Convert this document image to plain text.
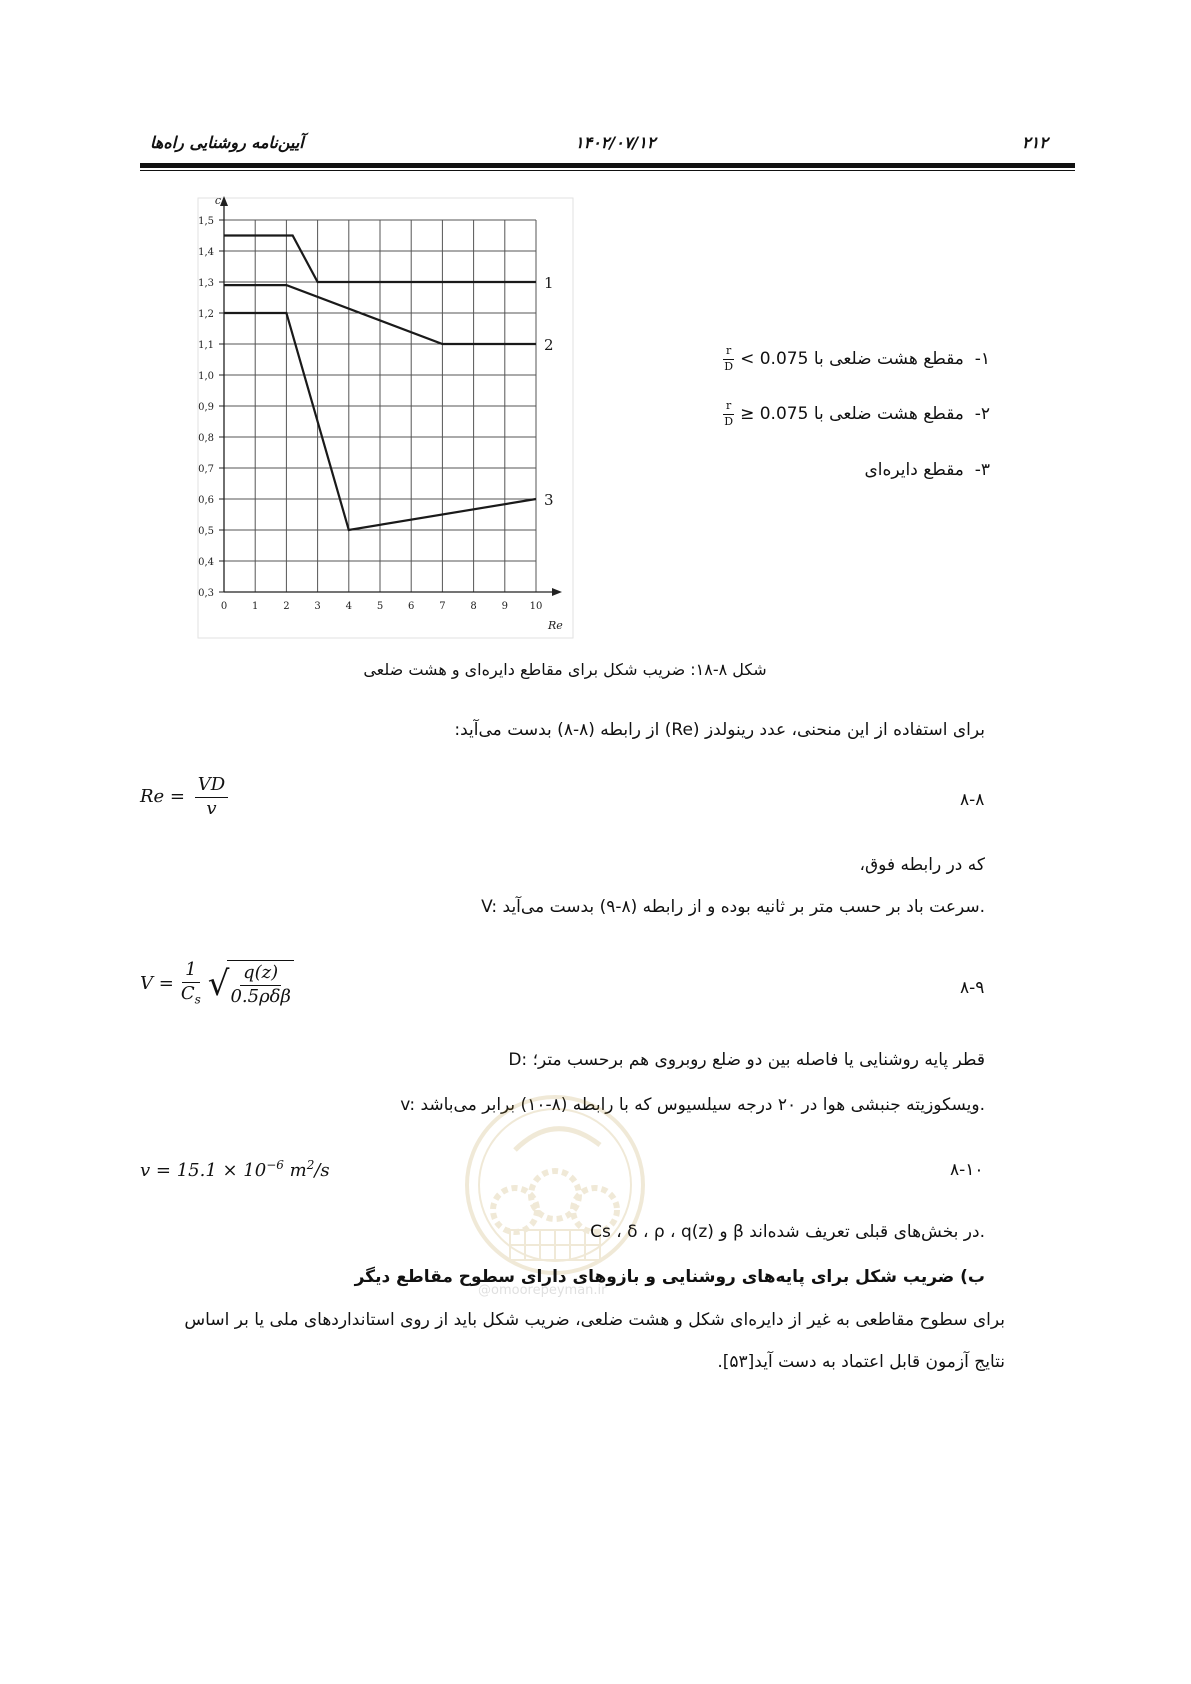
آیین‌نامه روشنایی راه‌ها	۱۴۰۲/۰۷/۱۲	۲۱۲
0 1 2 3 4 5 6 7 8 9 10
0,3
0,4
0,5
0,6
0,7
0,8
0,9
1,0
1,1
1,2
1,3
1,4
1,5
c
Re
1
2
3
۱-  مقطع هشت ضلعی با
$\frac{r}{D} < 0.075$
۲-  مقطع هشت ضلعی با
$\frac{r}{D} \ge 0.075$
۳-  مقطع دایره‌ای
شکل ۸-۱۸: ضریب شکل برای مقاطع دایره‌ای و هشت ضلعی
برای استفاده از این منحنی، عدد رینولدز (Re) از رابطه (۸-۸) بدست می‌آید:
$Re = \frac{VD}{v}$	۸-۸
که در رابطه فوق،
V: سرعت باد بر حسب متر بر ثانیه بوده و از رابطه (۸-۹) بدست می‌آید.
$V = \frac{1}{C_s}$ √
$\frac{q(z)}{\text{0.5ρδβ}}$	۸-۹
D: قطر پایه روشنایی یا فاصله بین دو ضلع روبروی هم برحسب متر؛
v: ویسکوزیته جنبشی هوا در ۲۰ درجه سیلسیوس که با رابطه (۸-۱۰) برابر می‌باشد.
$v = 15.1 \times 10^{-6}$ $m^2/s$	۸-۱۰
@omoorepeyman.ir
Cs ، δ ، ρ ، q(z) و β در بخش‌های قبلی تعریف شده‌اند.
ب) ضریب شکل برای پایه‌های روشنایی و بازوهای دارای سطوح مقاطع دیگر
برای سطوح مقاطعی به غیر از دایره‌ای شکل و هشت ضلعی، ضریب شکل باید از روی استانداردهای ملی یا بر اساس
نتایج آزمون قابل اعتماد به دست آید[۵۳].
